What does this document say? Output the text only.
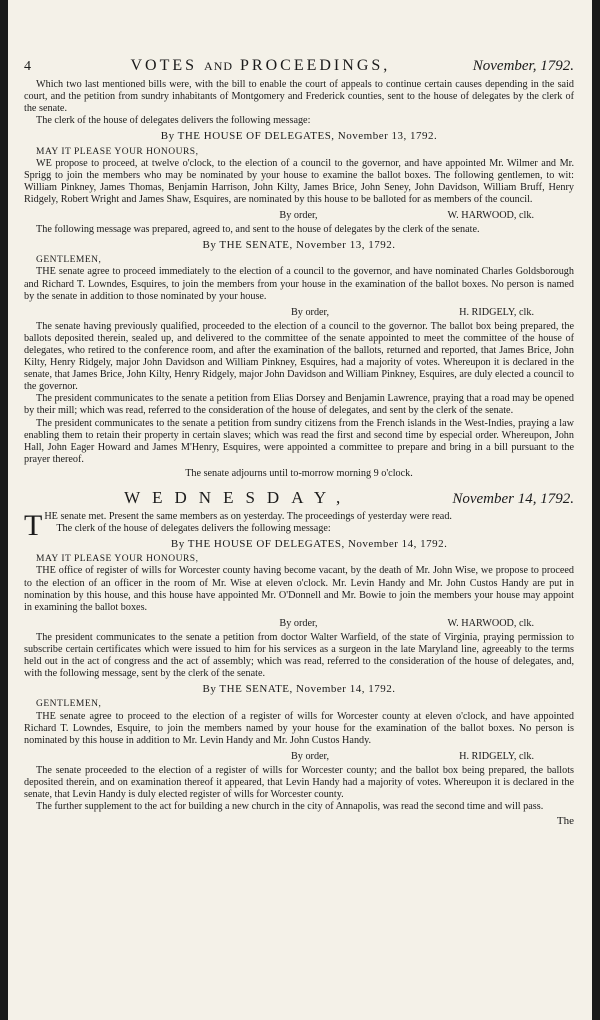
4	VOTES AND PROCEEDINGS,	November, 1792.

Which two last mentioned bills were, with the bill to enable the court of appeals to continue certain causes depending in the said court, and the petition from sundry inhabitants of Montgomery and Frederick counties, sent to the house of delegates by the clerk of the senate.

The clerk of the house of delegates delivers the following message:

By THE HOUSE OF DELEGATES, November 13, 1792.

MAY IT PLEASE YOUR HONOURS,

WE propose to proceed, at twelve o'clock, to the election of a council to the governor, and have appointed Mr. Wilmer and Mr. Sprigg to join the members who may be nominated by your house to examine the ballot boxes. The following gentlemen, to wit: William Pinkney, James Thomas, Benjamin Harrison, John Kilty, James Brice, John Seney, John Davidson, William Bruff, Henry Ridgely, Robert Wright and James Shaw, Esquires, are nominated by this house to be balloted for as members of the council.

By order,	W. HARWOOD, clk.

The following message was prepared, agreed to, and sent to the house of delegates by the clerk of the senate.

By THE SENATE, November 13, 1792.

GENTLEMEN,

THE senate agree to proceed immediately to the election of a council to the governor, and have nominated Charles Goldsborough and Richard T. Lowndes, Esquires, to join the members from your house in the examination of the ballot boxes. No person is named by the senate in addition to those nominated by your house.

By order,	H. RIDGELY, clk.

The senate having previously qualified, proceeded to the election of a council to the governor. The ballot box being prepared, the ballots deposited therein, sealed up, and delivered to the committee of the senate appointed to meet the committee of the house of delegates, who retired to the conference room, and after the examination of the ballots, returned and reported, that James Brice, John Kilty, Henry Ridgely, major John Davidson and William Pinkney, Esquires, had a majority of votes. Whereupon it is declared in the senate, that James Brice, John Kilty, Henry Ridgely, major John Davidson and William Pinkney, Esquires, are duly elected a council to the governor.

The president communicates to the senate a petition from Elias Dorsey and Benjamin Lawrence, praying that a road may be opened by their mill; which was read, referred to the consideration of the house of delegates, and sent by the clerk of the senate.

The president communicates to the senate a petition from sundry citizens from the French islands in the West-Indies, praying a law enabling them to retain their property in certain slaves; which was read the first and second time by especial order. Whereupon, John Hall, John Eager Howard and James M'Henry, Esquires, were appointed a committee to prepare and bring in a bill pursuant to the prayer thereof.

The senate adjourns until to-morrow morning 9 o'clock.

WEDNESDAY,	November 14, 1792.

T HE senate met. Present the same members as on yesterday. The proceedings of yesterday were read.

The clerk of the house of delegates delivers the following message:

By THE HOUSE OF DELEGATES, November 14, 1792.

MAY IT PLEASE YOUR HONOURS,

THE office of register of wills for Worcester county having become vacant, by the death of Mr. John Wise, we propose to proceed to the election of an officer in the room of Mr. Wise at eleven o'clock. Mr. Levin Handy and Mr. John Custos Handy are put in nomination by this house, and this house have appointed Mr. O'Donnell and Mr. Bowie to join the members your house may appoint in examining the ballot boxes.

By order,	W. HARWOOD, clk.

The president communicates to the senate a petition from doctor Walter Warfield, of the state of Virginia, praying permission to subscribe certain certificates which were issued to him for his services as a surgeon in the late Maryland line, agreeably to the terms held out in the act of congress and the act of assembly; which was read, referred to the consideration of the house of delegates, and, with the following message, sent by the clerk of the senate.

By THE SENATE, November 14, 1792.

GENTLEMEN,

THE senate agree to proceed to the election of a register of wills for Worcester county at eleven o'clock, and have appointed Richard T. Lowndes, Esquire, to join the members named by your house for the examination of the ballot boxes. No person is nominated by this house in addition to Mr. Levin Handy and Mr. John Custos Handy.

By order,	H. RIDGELY, clk.

The senate proceeded to the election of a register of wills for Worcester county; and the ballot box being prepared, the ballots deposited therein, and on examination thereof it appeared, that Levin Handy had a majority of votes. Whereupon it is declared in the senate, that Levin Handy is duly elected register of wills for Worcester county.

The further supplement to the act for building a new church in the city of Annapolis, was read the second time and will pass.

The
